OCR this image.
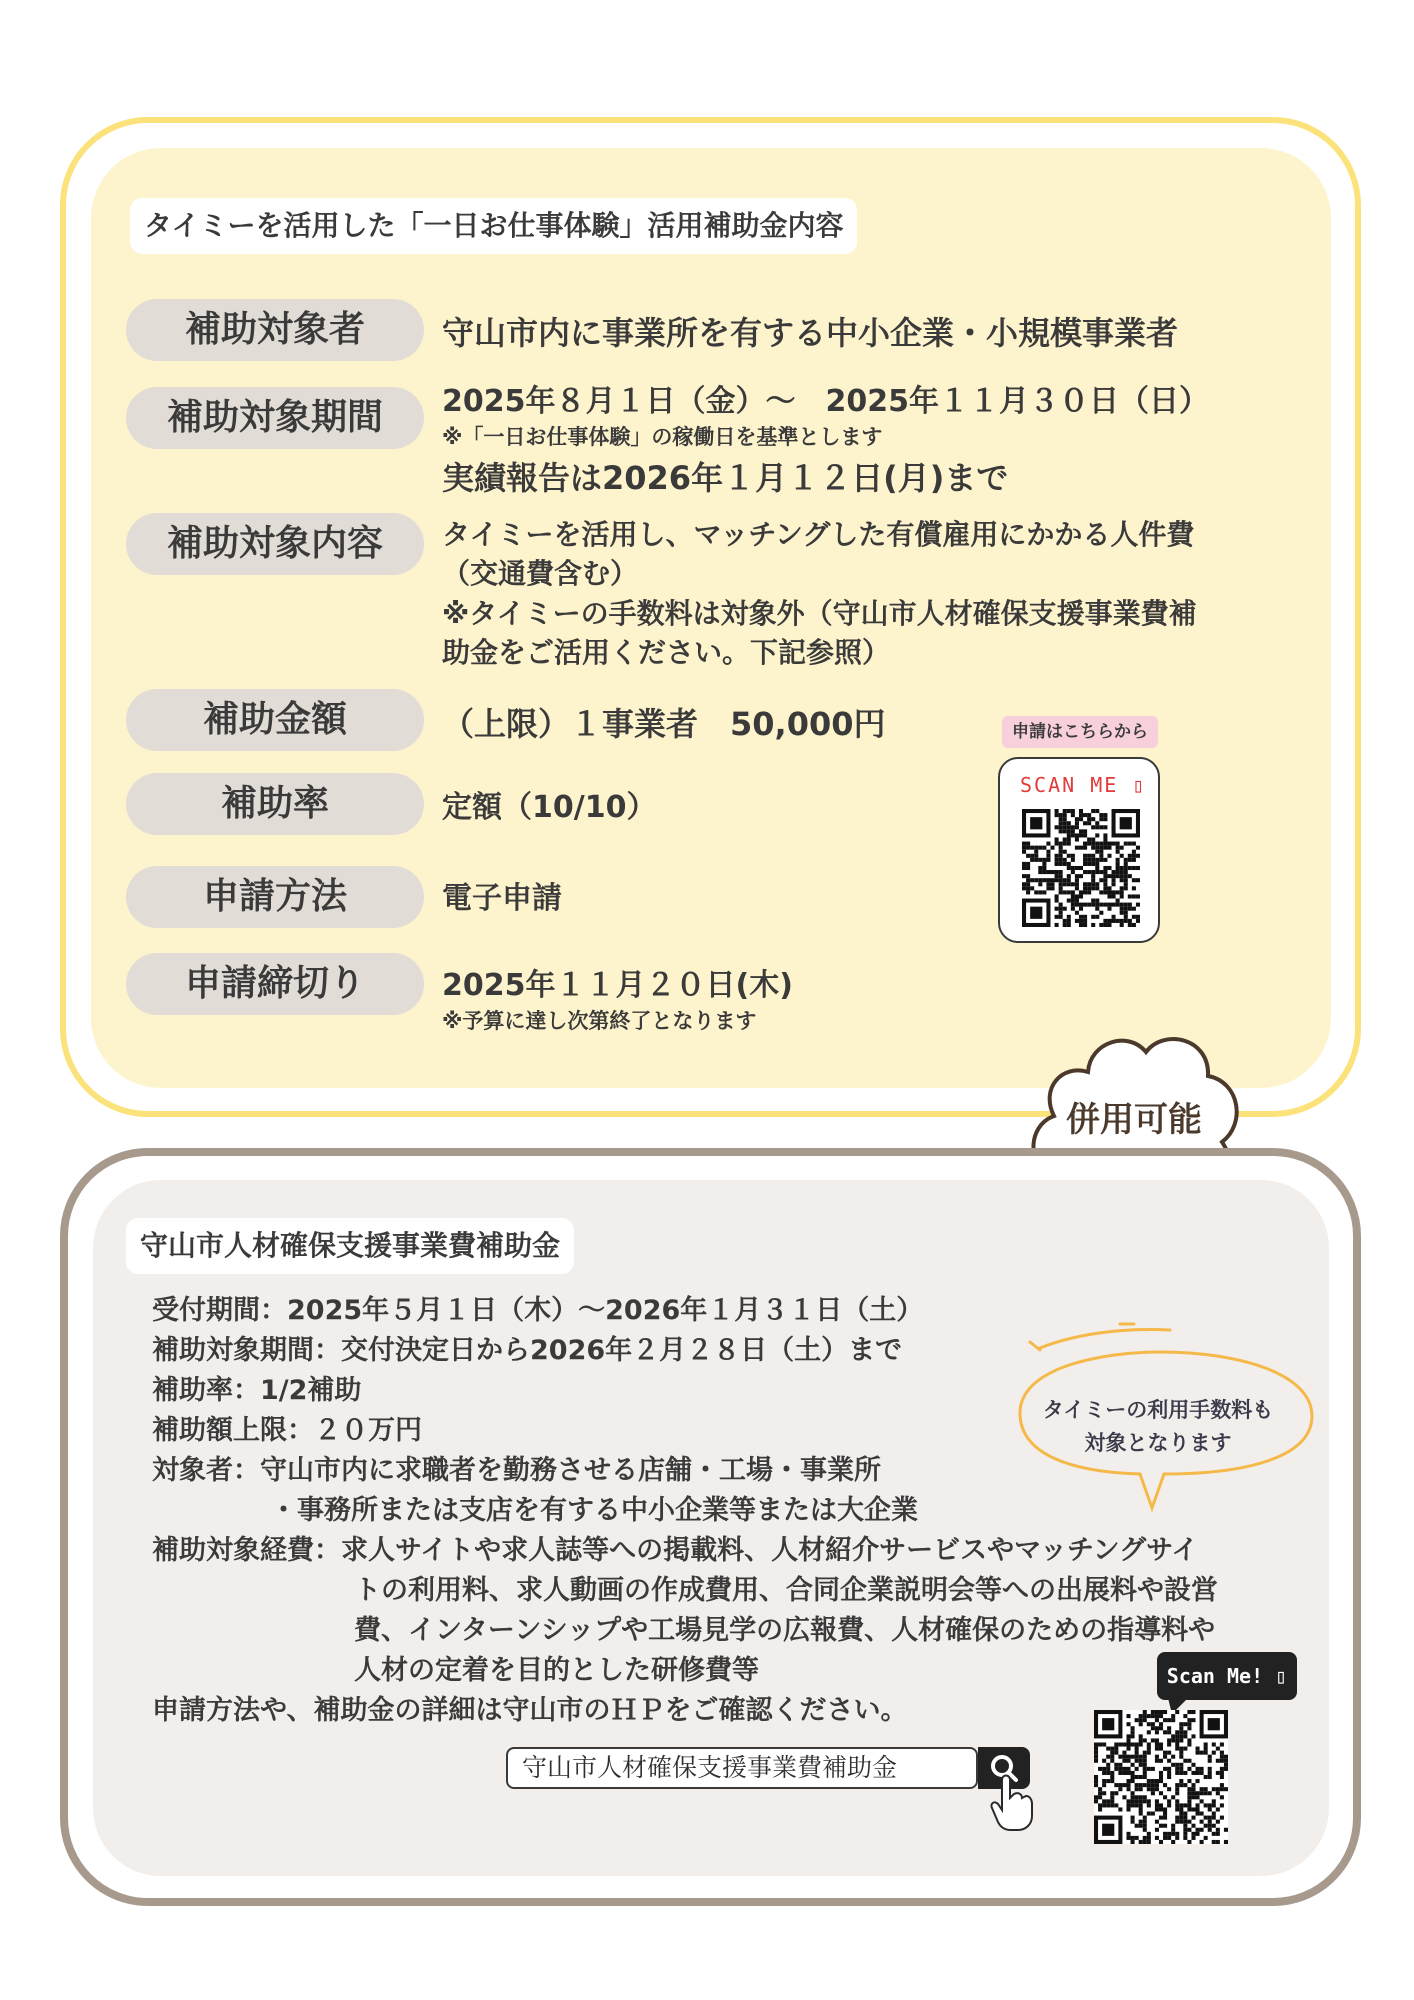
タイミーを活用した「一日お仕事体験」活用補助金内容
補助対象者	守山市内に事業所を有する中小企業・小規模事業者
補助対象期間	2025年８月１日（金）～　2025年１１月３０日（日）
※「一日お仕事体験」の稼働日を基準とします
実績報告は2026年１月１２日(月)まで
補助対象内容	タイミーを活用し、マッチングした有償雇用にかかる人件費
（交通費含む）
※タイミーの手数料は対象外（守山市人材確保支援事業費補
助金をご活用ください。下記参照）
補助金額	（上限）１事業者　50,000円
補助率	定額（10/10）
申請方法	電子申請
申請締切り	2025年１１月２０日(木)
※予算に達し次第終了となります
申請はこちらから
SCAN ME ▯
併用可能
守山市人材確保支援事業費補助金
受付期間：2025年５月１日（木）～2026年１月３１日（土）
補助対象期間：交付決定日から2026年２月２８日（土）まで
補助率：1/2補助
補助額上限：２０万円
対象者：守山市内に求職者を勤務させる店舗・工場・事業所
・事務所または支店を有する中小企業等または大企業
補助対象経費：求人サイトや求人誌等への掲載料、人材紹介サービスやマッチングサイ
トの利用料、求人動画の作成費用、合同企業説明会等への出展料や設営
費、インターンシップや工場見学の広報費、人材確保のための指導料や
人材の定着を目的とした研修費等
申請方法や、補助金の詳細は守山市のＨＰをご確認ください。
タイミーの利用手数料も
対象となります
守山市人材確保支援事業費補助金
Scan Me! ▯
